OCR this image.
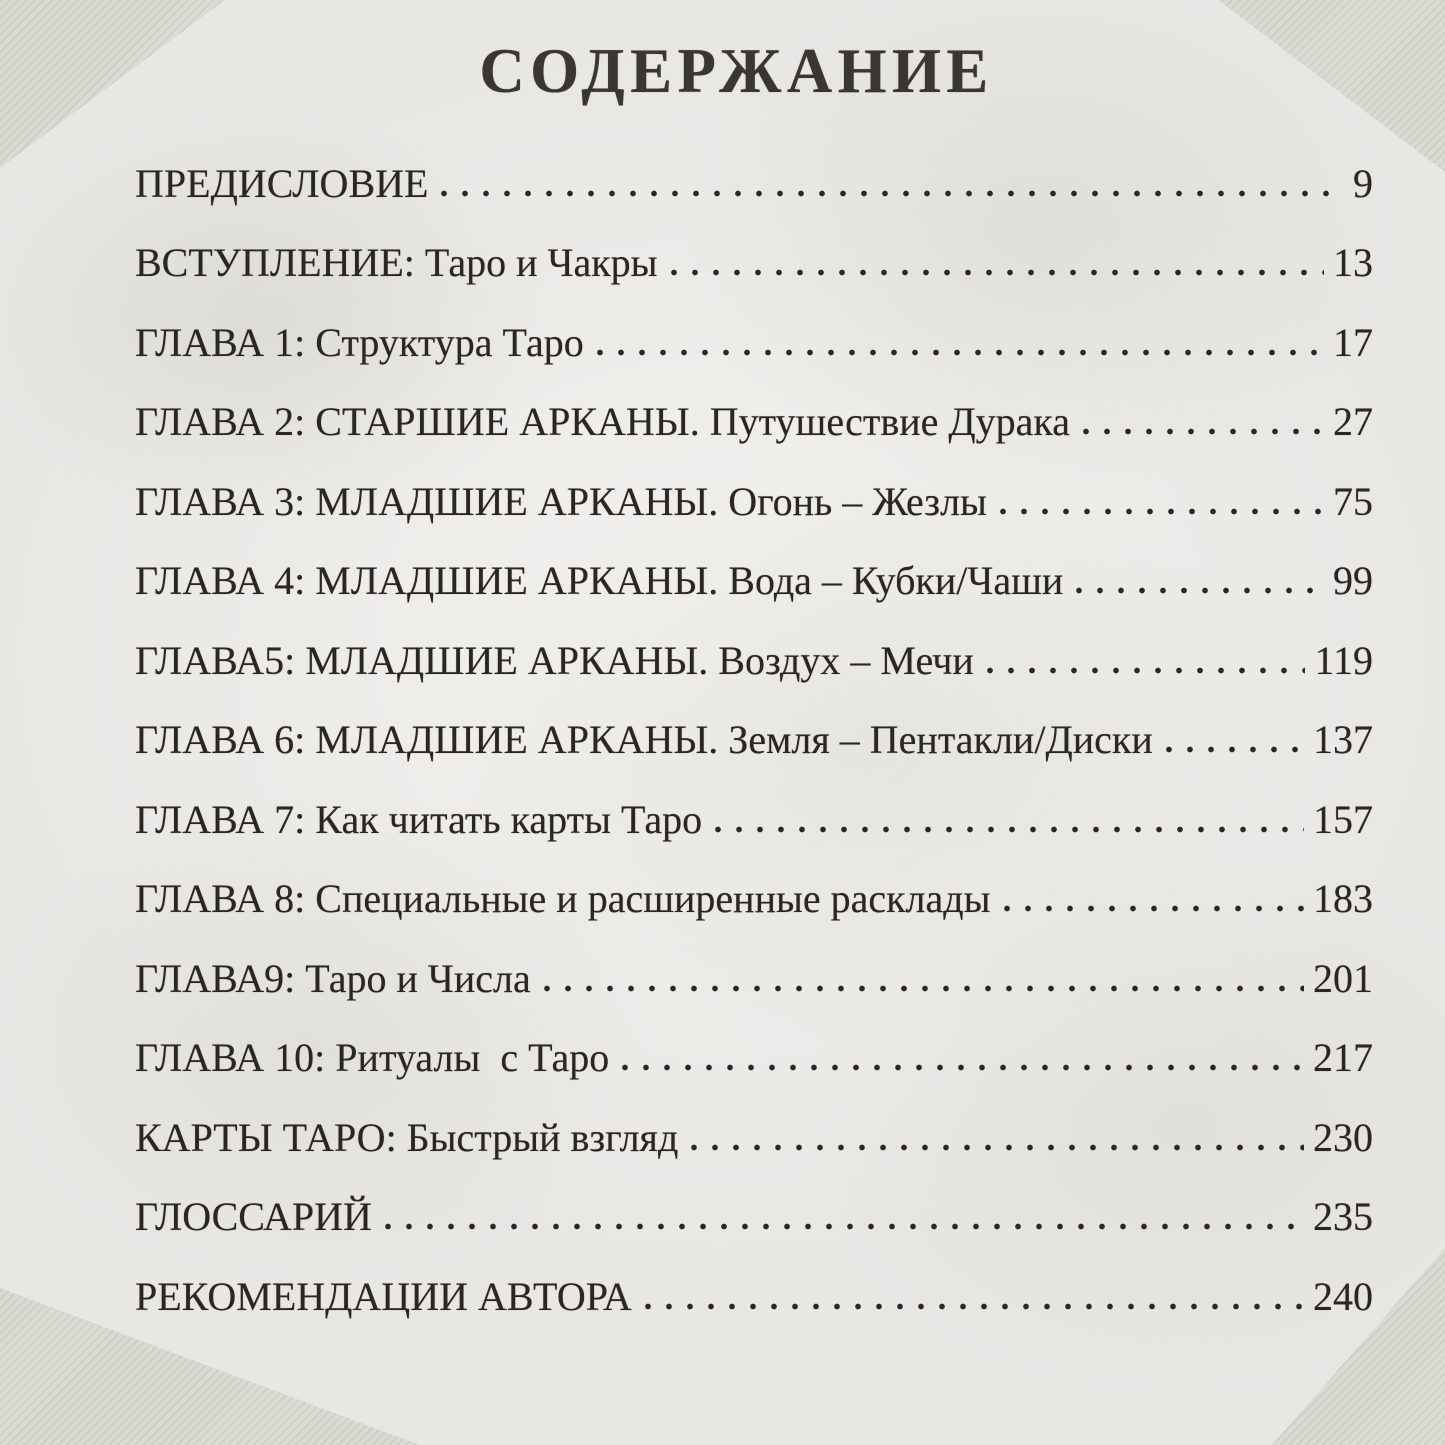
СОДЕРЖАНИЕ
ПРЕДИСЛОВИЕ	9
ВСТУПЛЕНИЕ: Таро и Чакры	13
ГЛАВА 1: Структура Таро	17
ГЛАВА 2: СТАРШИЕ АРКАНЫ. Путушествие Дурака	27
ГЛАВА 3: МЛАДШИЕ АРКАНЫ. Огонь – Жезлы	75
ГЛАВА 4: МЛАДШИЕ АРКАНЫ. Вода – Кубки/Чаши	99
ГЛАВА5: МЛАДШИЕ АРКАНЫ. Воздух – Мечи	119
ГЛАВА 6: МЛАДШИЕ АРКАНЫ. Земля – Пентакли/Диски	137
ГЛАВА 7: Как читать карты Таро	157
ГЛАВА 8: Специальные и расширенные расклады	183
ГЛАВА9: Таро и Числа	201
ГЛАВА 10: Ритуалы  с Таро	217
КАРТЫ ТАРО: Быстрый взгляд	230
ГЛОССАРИЙ	235
РЕКОМЕНДАЦИИ АВТОРА	240
